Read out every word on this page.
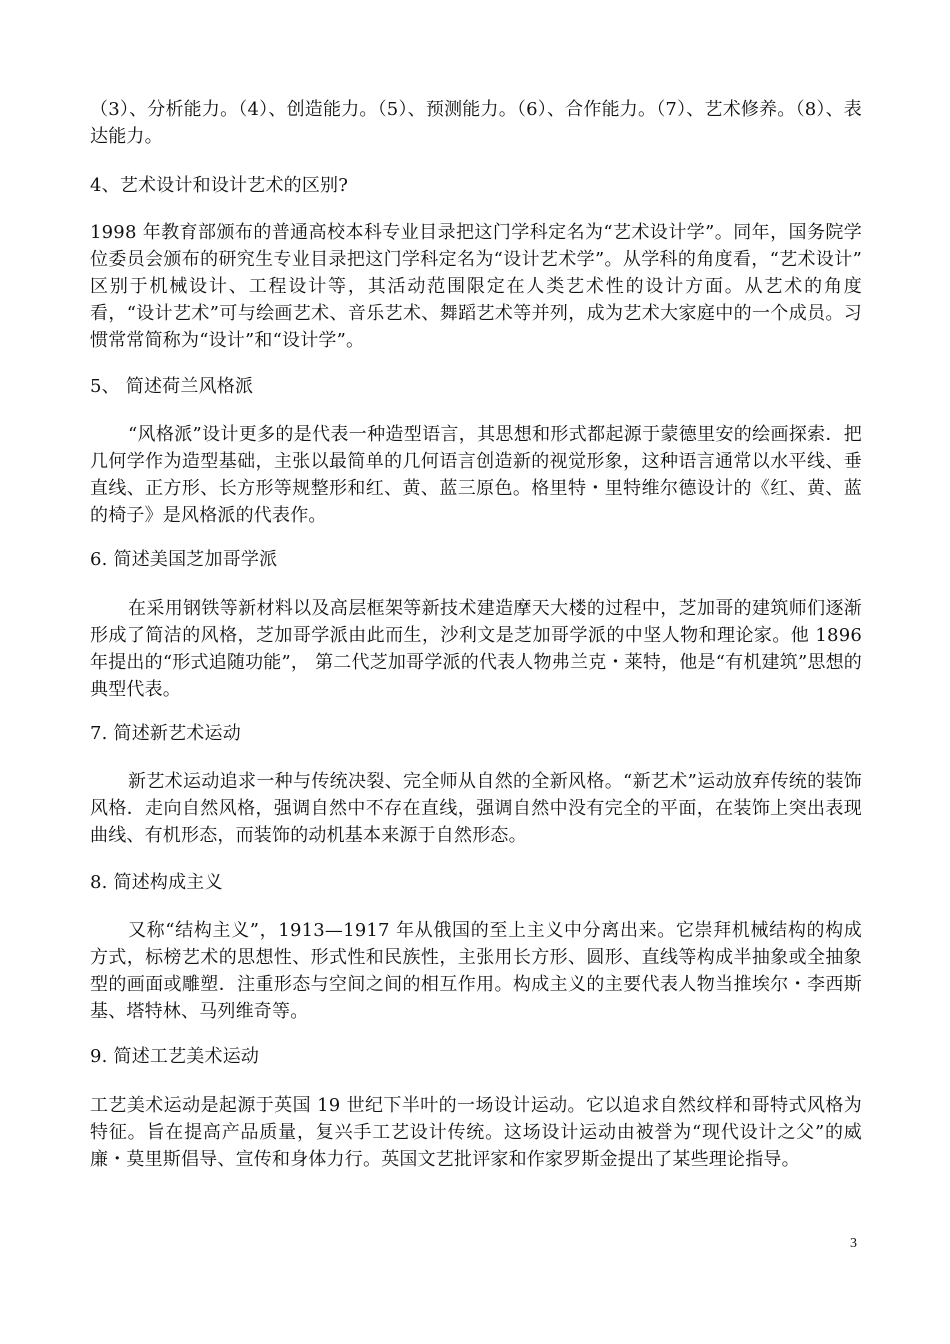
（3）、分析能力。（4）、创造能力。（5）、预测能力。（6）、合作能力。（7）、艺术修养。（8）、表达能力。
4、艺术设计和设计艺术的区别?
1998 年教育部颁布的普通高校本科专业目录把这门学科定名为“艺术设计学”。同年，国务院学位委员会颁布的研究生专业目录把这门学科定名为“设计艺术学”。从学科的角度看，“艺术设计” 区别于机械设计、工程设计等，其活动范围限定在人类艺术性的设计方面。从艺术的角度看，“设计艺术”可与绘画艺术、音乐艺术、舞蹈艺术等并列，成为艺术大家庭中的一个成员。习惯常常简称为“设计”和“设计学”。
5、 简述荷兰风格派
“风格派”设计更多的是代表一种造型语言，其思想和形式都起源于蒙德里安的绘画探索．把几何学作为造型基础，主张以最简单的几何语言创造新的视觉形象，这种语言通常以水平线、垂直线、正方形、长方形等规整形和红、黄、蓝三原色。格里特・里特维尔德设计的《红、黄、蓝的椅子》是风格派的代表作。
6. 简述美国芝加哥学派
在采用钢铁等新材料以及高层框架等新技术建造摩天大楼的过程中，芝加哥的建筑师们逐渐形成了简洁的风格，芝加哥学派由此而生，沙利文是芝加哥学派的中坚人物和理论家。他 1896 年提出的“形式追随功能”， 第二代芝加哥学派的代表人物弗兰克・莱特，他是“有机建筑”思想的典型代表。
7. 简述新艺术运动
新艺术运动追求一种与传统决裂、完全师从自然的全新风格。“新艺术”运动放弃传统的装饰风格．走向自然风格，强调自然中不存在直线，强调自然中没有完全的平面，在装饰上突出表现曲线、有机形态，而装饰的动机基本来源于自然形态。
8. 简述构成主义
又称“结构主义”，1913—1917 年从俄国的至上主义中分离出来。它崇拜机械结构的构成方式，标榜艺术的思想性、形式性和民族性，主张用长方形、圆形、直线等构成半抽象或全抽象型的画面或雕塑．注重形态与空间之间的相互作用。构成主义的主要代表人物当推埃尔・李西斯基、塔特林、马列维奇等。
9. 简述工艺美术运动
工艺美术运动是起源于英国 19 世纪下半叶的一场设计运动。它以追求自然纹样和哥特式风格为特征。旨在提高产品质量，复兴手工艺设计传统。这场设计运动由被誉为“现代设计之父”的威廉・莫里斯倡导、宣传和身体力行。英国文艺批评家和作家罗斯金提出了某些理论指导。
3
